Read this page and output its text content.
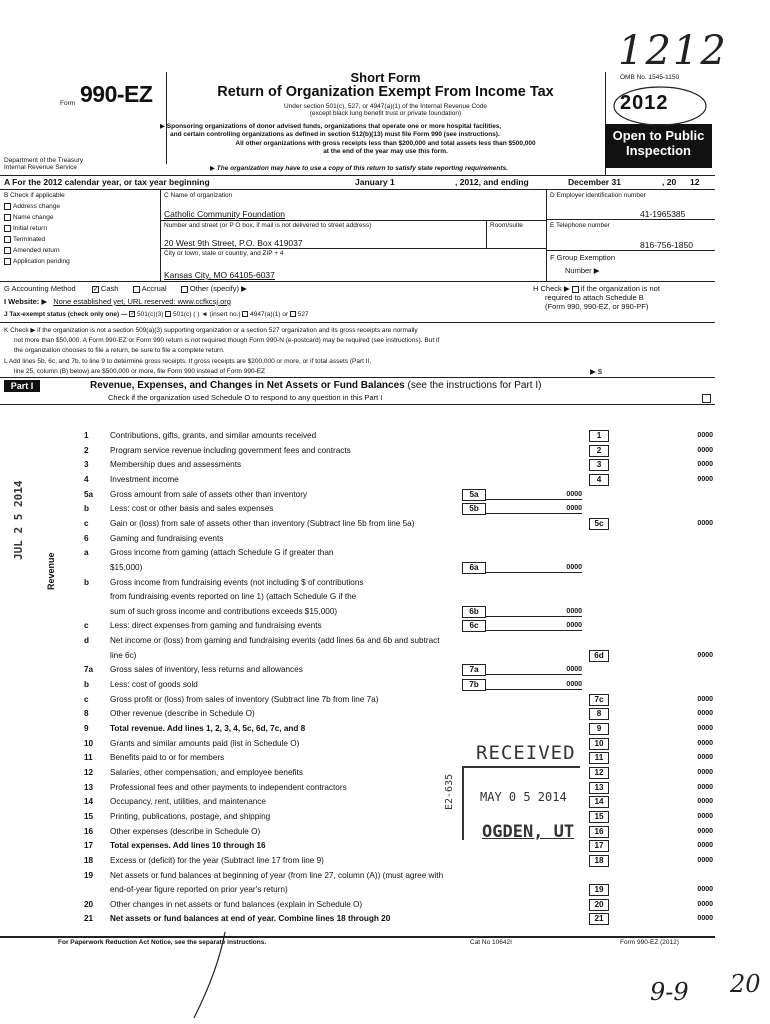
Form 990-EZ
Short Form
Return of Organization Exempt From Income Tax
Under section 501(c), 527, or 4947(a)(1) of the Internal Revenue Code
(except black lung benefit trust or private foundation)
▶ Sponsoring organizations of donor advised funds, organizations that operate one or more hospital facilities,
and certain controlling organizations as defined in section 512(b)(13) must file Form 990 (see instructions).
All other organizations with gross receipts less than $200,000 and total assets less than $500,000
at the end of the year may use this form.
▶ The organization may have to use a copy of this return to satisfy state reporting requirements.
Department of the Treasury
Internal Revenue Service
OMB No. 1545-1150
2012
Open to Public
Inspection
A For the 2012 calendar year, or tax year beginning	January 1	, 2012, and ending	December 31	, 20 12
B Check if applicable
Address change
Name change
Initial return
Terminated
Amended return
Application pending
C Name of organization
Catholic Community Foundation
Number and street (or P O box, if mail is not delivered to street address)	Room/suite
20 West 9th Street, P.O. Box 419037
City or town, state or country, and ZIP + 4
Kansas City, MO 64105-6037
D Employer identification number
41-1965385
E Telephone number
816-756-1850
F Group Exemption
Number ▶
G Accounting Method ✓ Cash	Accrual	Other (specify) ▶	H Check ▶ if the organization is not
required to attach Schedule B
(Form 990, 990-EZ, or 990-PF)
I Website: ▶ None established yet, URL reserved: www.ccfkcsj.org
J Tax-exempt status (check only one) — ✓ 501(c)(3) 501(c) ( ) ◄ (insert no.) 4947(a)(1) or 527
K Check ▶ if the organization is not a section 509(a)(3) supporting organization or a section 527 organization and its gross receipts are normally
not more than $50,000. A Form 990-EZ or Form 990 return is not required though Form 990-N (e-postcard) may be required (see instructions). But if
the organization chooses to file a return, be sure to file a complete return.
L Add lines 5b, 6c, and 7b, to line 9 to determine gross receipts. If gross receipts are $200,000 or more, or if total assets (Part II,
line 25, column (B) below) are $500,000 or more, file Form 990 instead of Form 990-EZ	▶ $
Part I	Revenue, Expenses, and Changes in Net Assets or Fund Balances (see the instructions for Part I)
Check if the organization used Schedule O to respond to any question in this Part I
Revenue
JUL 2 5 2014
1	Contributions, gifts, grants, and similar amounts received	1	0000
2	Program service revenue including government fees and contracts	2	0000
3	Membership dues and assessments	3	0000
4	Investment income	4	0000
5a	Gross amount from sale of assets other than inventory	5a	0000
b	Less: cost or other basis and sales expenses	5b	0000
c	Gain or (loss) from sale of assets other than inventory (Subtract line 5b from line 5a)	5c	0000
6	Gaming and fundraising events
a	Gross income from gaming (attach Schedule G if greater than
$15,000)	6a	0000
b	Gross income from fundraising events (not including $ of contributions
from fundraising events reported on line 1) (attach Schedule G if the
sum of such gross income and contributions exceeds $15,000)	6b	0000
c	Less: direct expenses from gaming and fundraising events	6c	0000
d	Net income or (loss) from gaming and fundraising events (add lines 6a and 6b and subtract
line 6c)	6d	0000
7a	Gross sales of inventory, less returns and allowances	7a	0000
b	Less: cost of goods sold	7b	0000
c	Gross profit or (loss) from sales of inventory (Subtract line 7b from line 7a)	7c	0000
8	Other revenue (describe in Schedule O)	8	0000
9	Total revenue. Add lines 1, 2, 3, 4, 5c, 6d, 7c, and 8	9	0000
10	Grants and similar amounts paid (list in Schedule O)	10	0000
11	Benefits paid to or for members	11	0000
12	Salaries, other compensation, and employee benefits	12	0000
13	Professional fees and other payments to independent contractors	13	0000
14	Occupancy, rent, utilities, and maintenance	14	0000
15	Printing, publications, postage, and shipping	15	0000
16	Other expenses (describe in Schedule O)	16	0000
17	Total expenses. Add lines 10 through 16	17	0000
18	Excess or (deficit) for the year (Subtract line 17 from line 9)	18	0000
19	Net assets or fund balances at beginning of year (from line 27, column (A)) (must agree with
end-of-year figure reported on prior year's return)	19	0000
20	Other changes in net assets or fund balances (explain in Schedule O)	20	0000
21	Net assets or fund balances at end of year. Combine lines 18 through 20	21	0000
RECEIVED
MAY 0 5 2014
OGDEN, UT
E2-635
For Paperwork Reduction Act Notice, see the separate instructions.	Cat No 10642I	Form 990-EZ (2012)
1212
9-9 20
